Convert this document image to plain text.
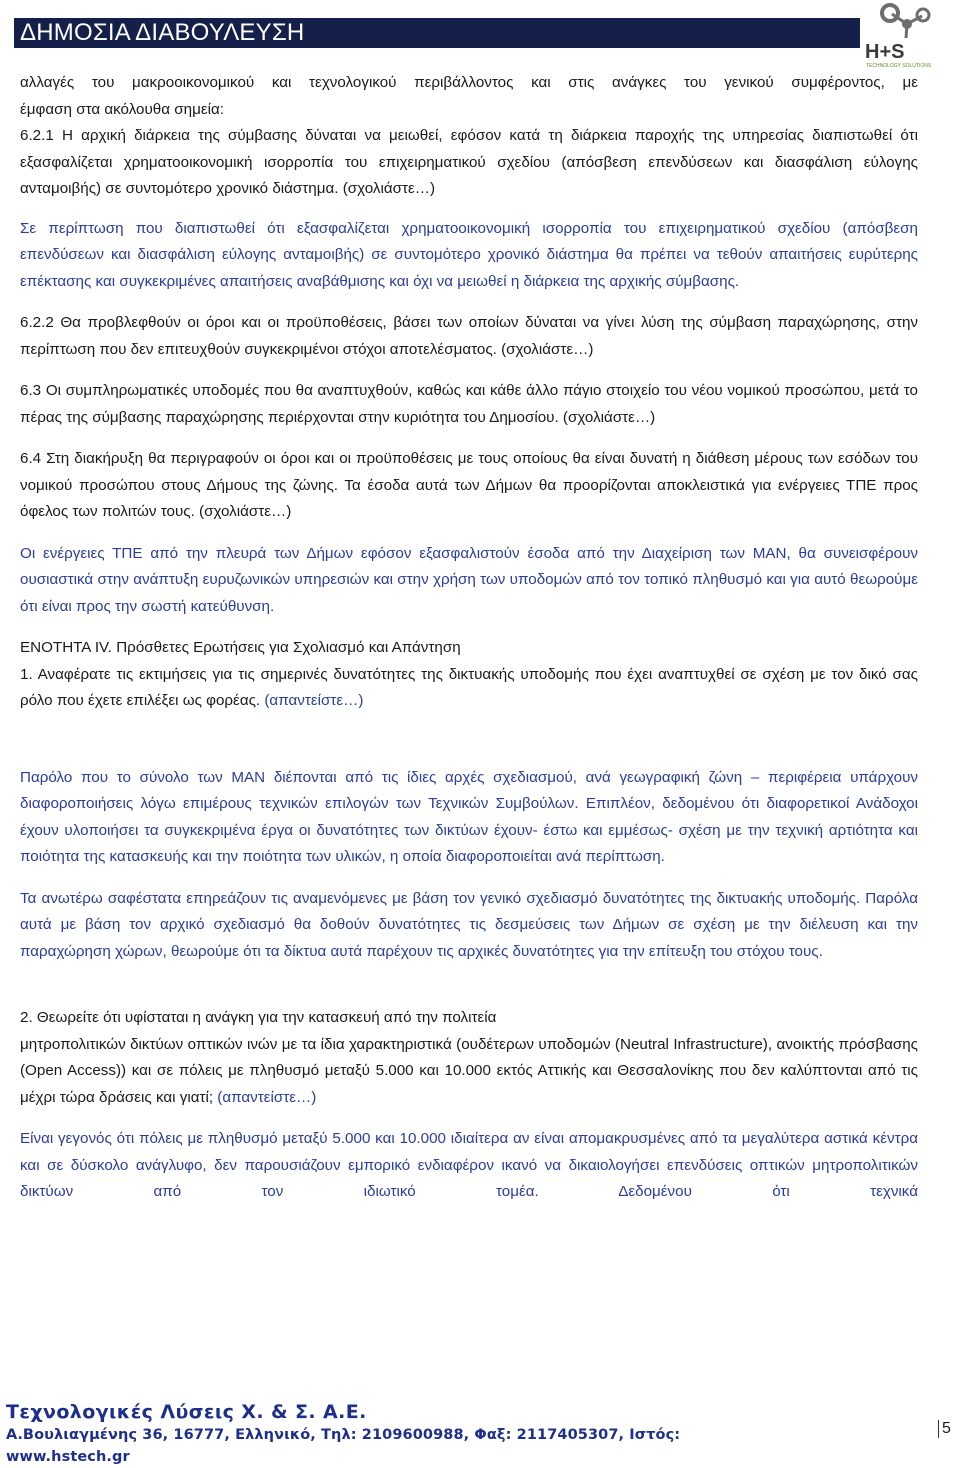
ΔΗΜΟΣΙΑ ΔΙΑΒΟΥΛΕΥΣΗ
H+S
TECHNOLOGY SOLUTIONS

αλλαγές του μακροοικονομικού και τεχνολογικού περιβάλλοντος και στις ανάγκες του γενικού συμφέροντος, με

έμφαση στα ακόλουθα σημεία:

6.2.1 Η αρχική διάρκεια της σύμβασης δύναται να μειωθεί, εφόσον κατά τη διάρκεια παροχής της υπηρεσίας διαπιστωθεί ότι εξασφαλίζεται χρηματοοικονομική ισορροπία του επιχειρηματικού σχεδίου (απόσβεση επενδύσεων και διασφάλιση εύλογης ανταμοιβής) σε συντομότερο χρονικό διάστημα. (σχολιάστε…)

Σε περίπτωση που διαπιστωθεί ότι εξασφαλίζεται χρηματοοικονομική ισορροπία του επιχειρηματικού σχεδίου (απόσβεση επενδύσεων και διασφάλιση εύλογης ανταμοιβής) σε συντομότερο χρονικό διάστημα θα πρέπει να τεθούν απαιτήσεις ευρύτερης επέκτασης και συγκεκριμένες απαιτήσεις αναβάθμισης και όχι να μειωθεί η διάρκεια της αρχικής σύμβασης.

6.2.2 Θα προβλεφθούν οι όροι και οι προϋποθέσεις, βάσει των οποίων δύναται να γίνει λύση της σύμβαση παραχώρησης, στην περίπτωση που δεν επιτευχθούν συγκεκριμένοι στόχοι αποτελέσματος. (σχολιάστε…)

6.3 Οι συμπληρωματικές υποδομές που θα αναπτυχθούν, καθώς και κάθε άλλο πάγιο στοιχείο του νέου νομικού προσώπου, μετά το πέρας της σύμβασης παραχώρησης περιέρχονται στην κυριότητα του Δημοσίου. (σχολιάστε…)

6.4 Στη διακήρυξη θα περιγραφούν οι όροι και οι προϋποθέσεις με τους οποίους θα είναι δυνατή η διάθεση μέρους των εσόδων του νομικού προσώπου στους Δήμους της ζώνης. Τα έσοδα αυτά των Δήμων θα προορίζονται αποκλειστικά για ενέργειες ΤΠΕ προς όφελος των πολιτών τους. (σχολιάστε…)

Οι ενέργειες ΤΠΕ από την πλευρά των Δήμων εφόσον εξασφαλιστούν έσοδα από την Διαχείριση των ΜΑΝ, θα συνεισφέρουν ουσιαστικά στην ανάπτυξη ευρυζωνικών υπηρεσιών και στην χρήση των υποδομών από τον τοπικό πληθυσμό και για αυτό θεωρούμε ότι είναι προς την σωστή κατεύθυνση.

ΕΝΟΤΗΤΑ IV. Πρόσθετες Ερωτήσεις για Σχολιασμό και Απάντηση

1. Αναφέρατε τις εκτιμήσεις για τις σημερινές δυνατότητες της δικτυακής υποδομής που έχει αναπτυχθεί σε σχέση με τον δικό σας ρόλο που έχετε επιλέξει ως φορέας. (απαντείστε…)

Παρόλο που το σύνολο των ΜΑΝ διέπονται από τις ίδιες αρχές σχεδιασμού, ανά γεωγραφική ζώνη – περιφέρεια υπάρχουν διαφοροποιήσεις λόγω επιμέρους τεχνικών επιλογών των Τεχνικών Συμβούλων. Επιπλέον, δεδομένου ότι διαφορετικοί Ανάδοχοι έχουν υλοποιήσει τα συγκεκριμένα έργα οι δυνατότητες των δικτύων έχουν- έστω και εμμέσως- σχέση με την τεχνική αρτιότητα και ποιότητα της κατασκευής και την ποιότητα των υλικών, η οποία διαφοροποιείται ανά περίπτωση.

Τα ανωτέρω σαφέστατα επηρεάζουν τις αναμενόμενες με βάση τον γενικό σχεδιασμό δυνατότητες της δικτυακής υποδομής. Παρόλα αυτά με βάση τον αρχικό σχεδιασμό θα δοθούν δυνατότητες τις δεσμεύσεις των Δήμων σε σχέση με την διέλευση και την παραχώρηση χώρων, θεωρούμε ότι τα δίκτυα αυτά παρέχουν τις αρχικές δυνατότητες για την επίτευξη του στόχου τους.

2. Θεωρείτε ότι υφίσταται η ανάγκη για την κατασκευή από την πολιτεία

μητροπολιτικών δικτύων οπτικών ινών με τα ίδια χαρακτηριστικά (ουδέτερων υποδομών (Neutral Infrastructure), ανοικτής πρόσβασης (Open Access)) και σε πόλεις με πληθυσμό μεταξύ 5.000 και 10.000 εκτός Αττικής και Θεσσαλονίκης που δεν καλύπτονται από τις μέχρι τώρα δράσεις και γιατί; (απαντείστε…)

Είναι γεγονός ότι πόλεις με πληθυσμό μεταξύ 5.000 και 10.000 ιδιαίτερα αν είναι απομακρυσμένες από τα μεγαλύτερα αστικά κέντρα και σε δύσκολο ανάγλυφο, δεν παρουσιάζουν εμπορικό ενδιαφέρον ικανό να δικαιολογήσει επενδύσεις οπτικών μητροπολιτικών δικτύων από τον ιδιωτικό τομέα. Δεδομένου ότι τεχνικά

Τεχνολογικές Λύσεις Χ. & Σ. Α.Ε.
Α.Βουλιαγμένης 36, 16777, Ελληνικό, Τηλ: 2109600988, Φαξ: 2117405307, Ιστός: www.hstech.gr
5
